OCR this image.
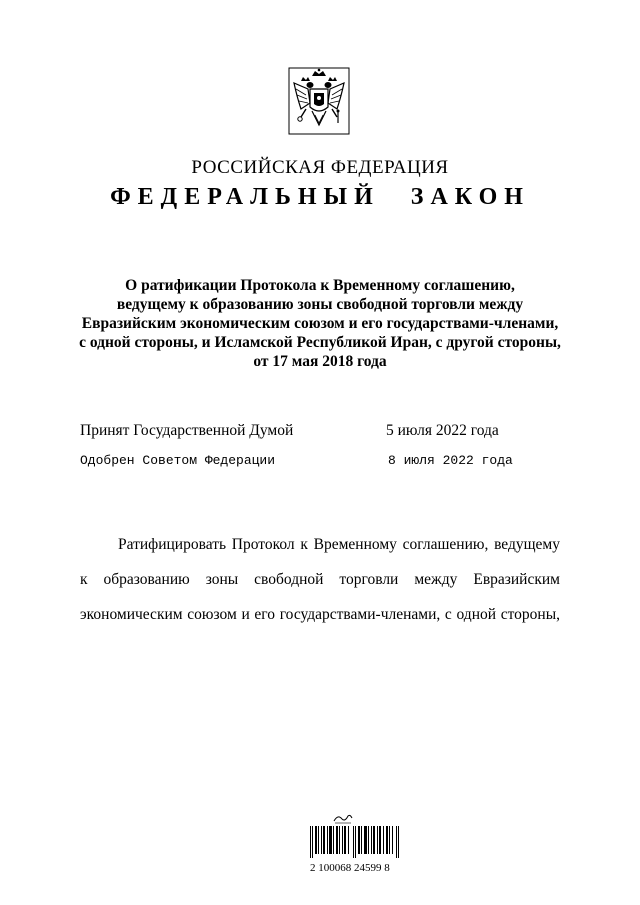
РОССИЙСКАЯ ФЕДЕРАЦИЯ
ФЕДЕРАЛЬНЫЙ ЗАКОН
О ратификации Протокола к Временному соглашению,
ведущему к образованию зоны свободной торговли между
Евразийским экономическим союзом и его государствами-членами,
с одной стороны, и Исламской Республикой Иран, с другой стороны,
от 17 мая 2018 года
Принят Государственной Думой	5 июля 2022 года
Одобрен Советом Федерации	8 июля 2022 года
Ратифицировать Протокол к Временному соглашению, ведущему
к образованию зоны свободной торговли между Евразийским
экономическим союзом и его государствами-членами, с одной стороны,
2 100068 24599 8
